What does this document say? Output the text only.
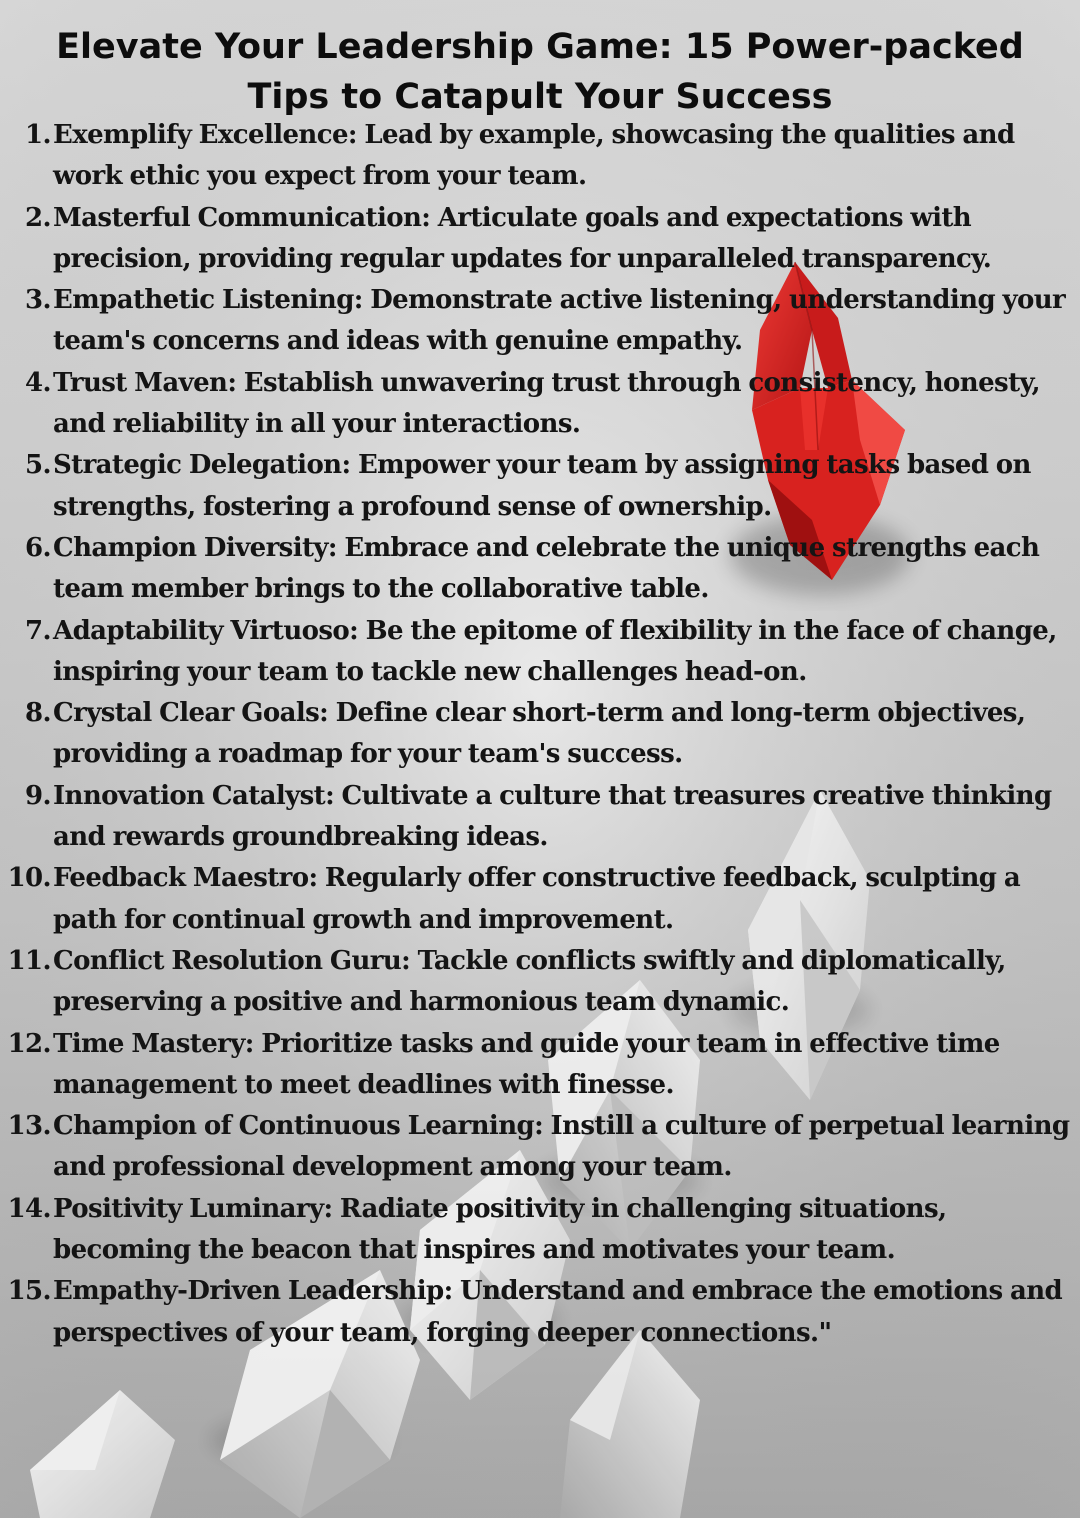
Elevate Your Leadership Game: 15 Power-packed
Tips to Catapult Your Success
1. Exemplify Excellence: Lead by example, showcasing the qualities and work ethic you expect from your team.
2. Masterful Communication: Articulate goals and expectations with precision, providing regular updates for unparalleled transparency.
3. Empathetic Listening: Demonstrate active listening, understanding your team's concerns and ideas with genuine empathy.
4. Trust Maven: Establish unwavering trust through consistency, honesty, and reliability in all your interactions.
5. Strategic Delegation: Empower your team by assigning tasks based on strengths, fostering a profound sense of ownership.
6. Champion Diversity: Embrace and celebrate the unique strengths each team member brings to the collaborative table.
7. Adaptability Virtuoso: Be the epitome of flexibility in the face of change, inspiring your team to tackle new challenges head-on.
8. Crystal Clear Goals: Define clear short-term and long-term objectives, providing a roadmap for your team's success.
9. Innovation Catalyst: Cultivate a culture that treasures creative thinking and rewards groundbreaking ideas.
10. Feedback Maestro: Regularly offer constructive feedback, sculpting a path for continual growth and improvement.
11. Conflict Resolution Guru: Tackle conflicts swiftly and diplomatically, preserving a positive and harmonious team dynamic.
12. Time Mastery: Prioritize tasks and guide your team in effective time management to meet deadlines with finesse.
13. Champion of Continuous Learning: Instill a culture of perpetual learning and professional development among your team.
14. Positivity Luminary: Radiate positivity in challenging situations, becoming the beacon that inspires and motivates your team.
15. Empathy-Driven Leadership: Understand and embrace the emotions and perspectives of your team, forging deeper connections."
